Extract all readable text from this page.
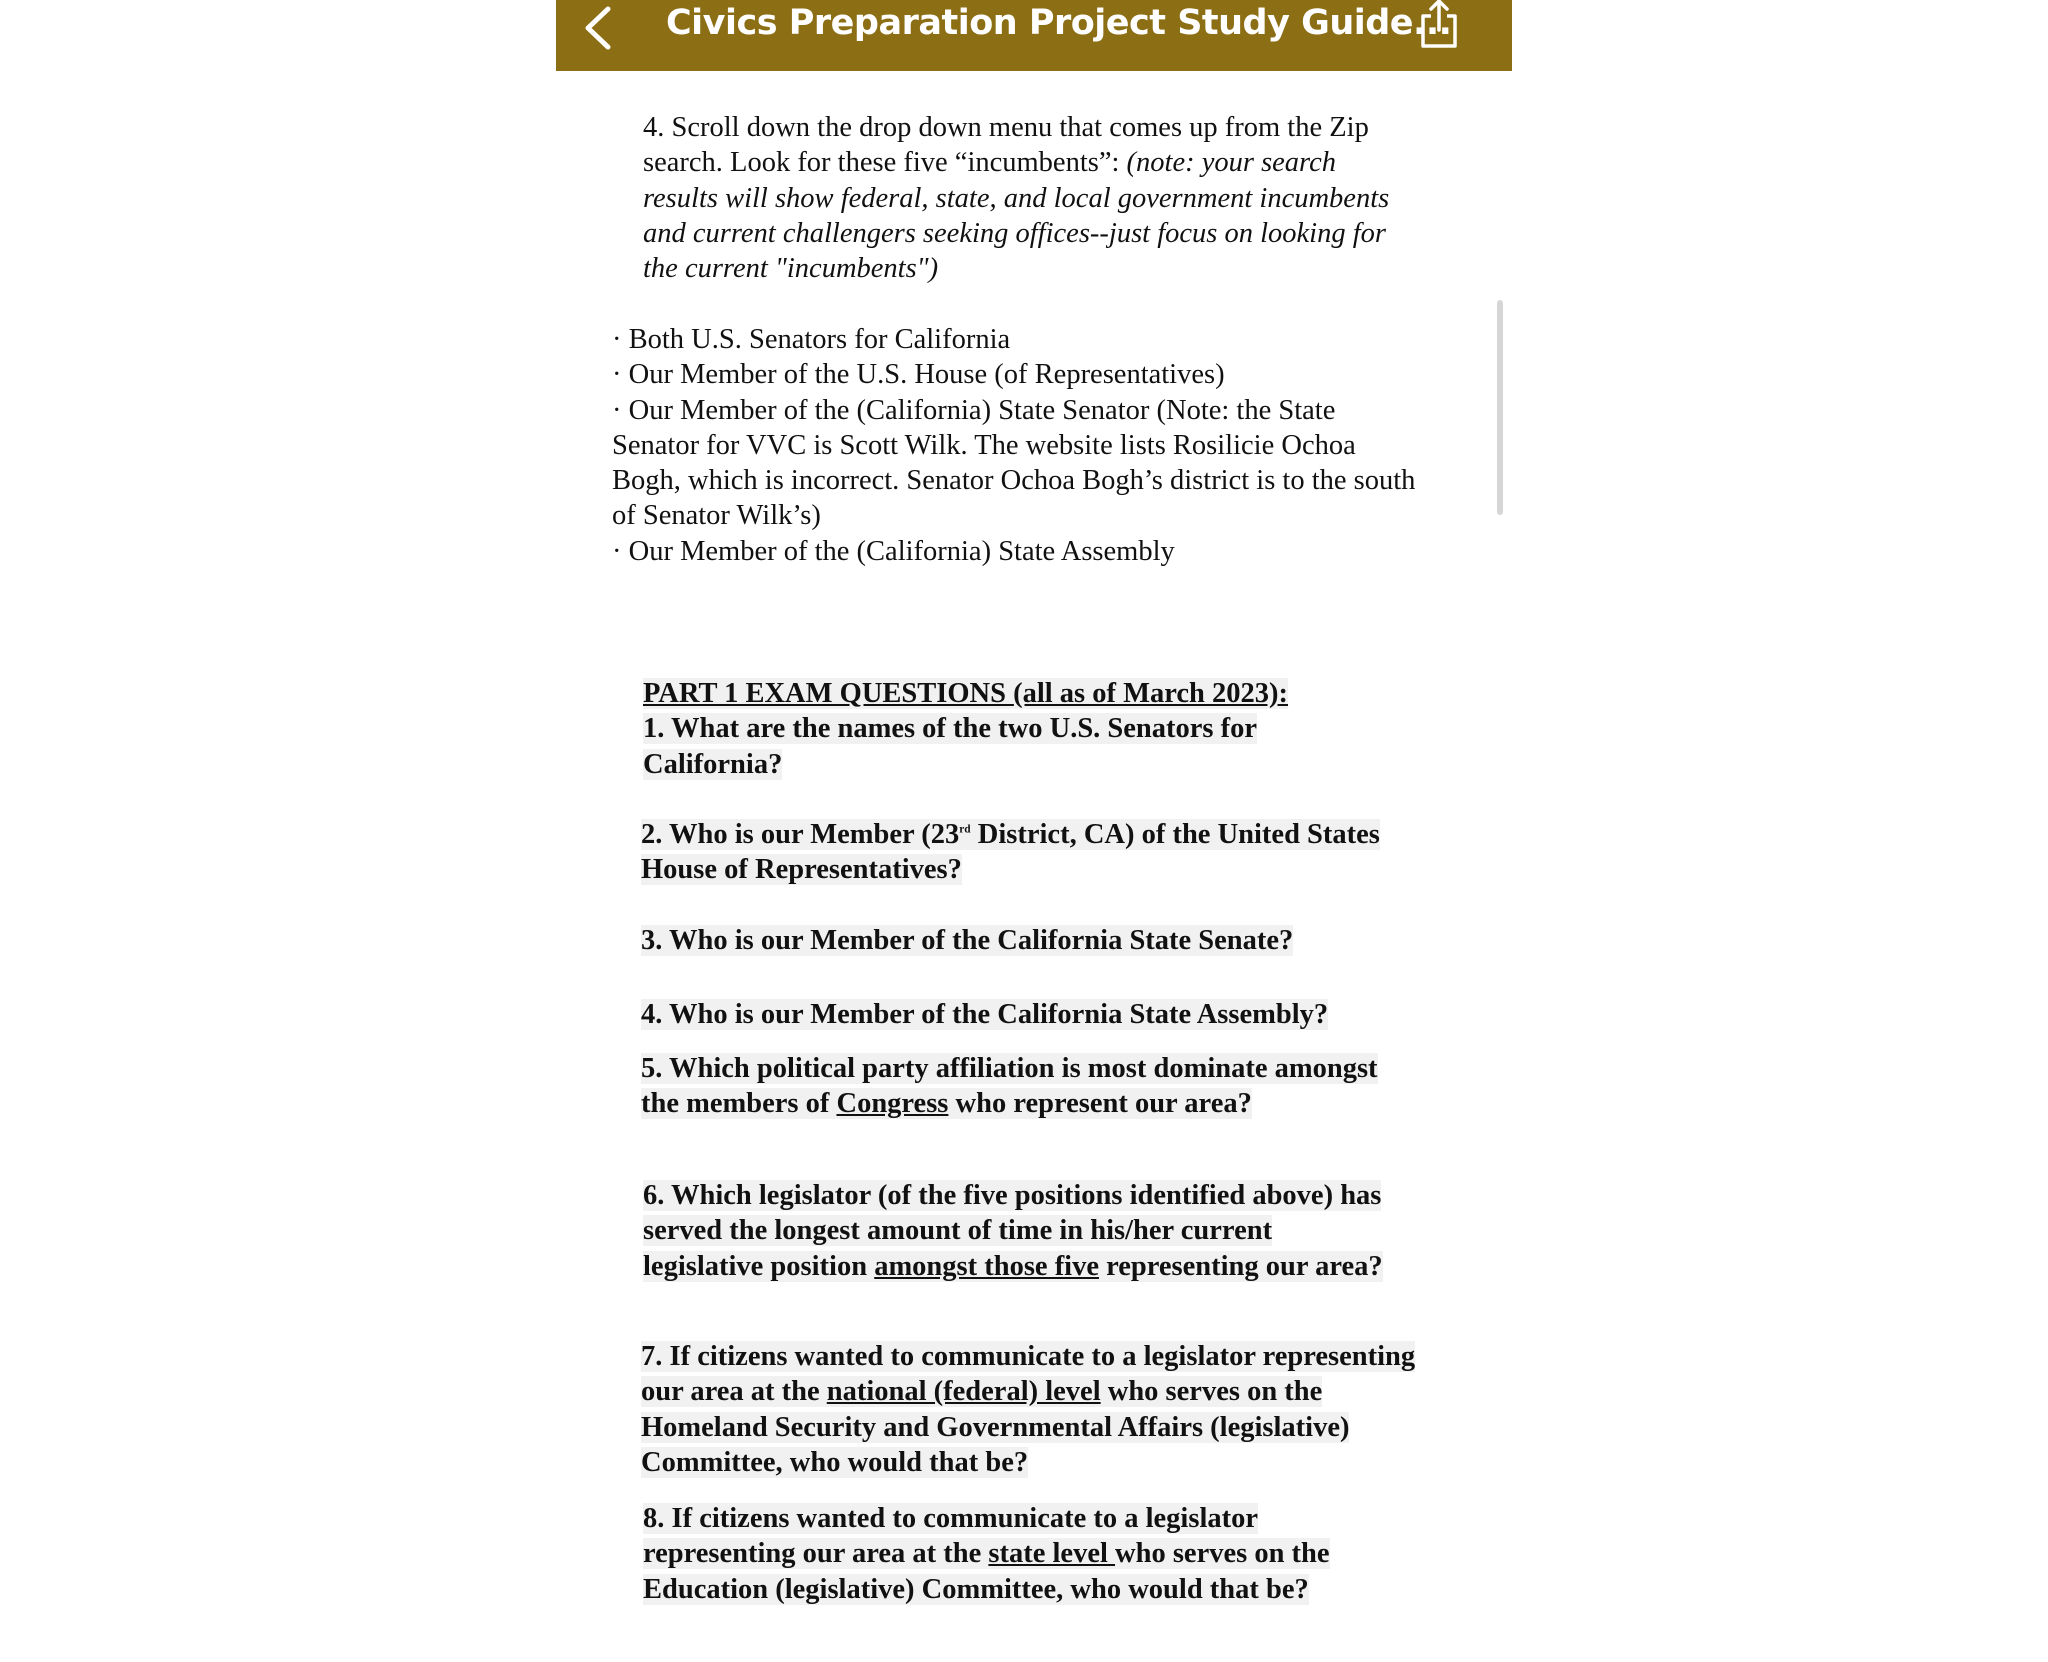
Civics Preparation Project Study Guide...
4. Scroll down the drop down menu that comes up from the Zip search. Look for these five “incumbents”: (note: your search results will show federal, state, and local government incumbents and current challengers seeking offices--just focus on looking for the current "incumbents")
· Both U.S. Senators for California
· Our Member of the U.S. House (of Representatives)
· Our Member of the (California) State Senator (Note: the State Senator for VVC is Scott Wilk. The website lists Rosilicie Ochoa Bogh, which is incorrect. Senator Ochoa Bogh’s district is to the south of Senator Wilk’s)
· Our Member of the (California) State Assembly
PART 1 EXAM QUESTIONS (all as of March 2023):
1. What are the names of the two U.S. Senators for California?
2. Who is our Member (23rd District, CA) of the United States House of Representatives?
3. Who is our Member of the California State Senate?
4. Who is our Member of the California State Assembly?
5. Which political party affiliation is most dominate amongst the members of Congress who represent our area?
6. Which legislator (of the five positions identified above) has served the longest amount of time in his/her current legislative position amongst those five representing our area?
7. If citizens wanted to communicate to a legislator representing our area at the national (federal) level who serves on the Homeland Security and Governmental Affairs (legislative) Committee, who would that be?
8. If citizens wanted to communicate to a legislator representing our area at the state level who serves on the Education (legislative) Committee, who would that be?
